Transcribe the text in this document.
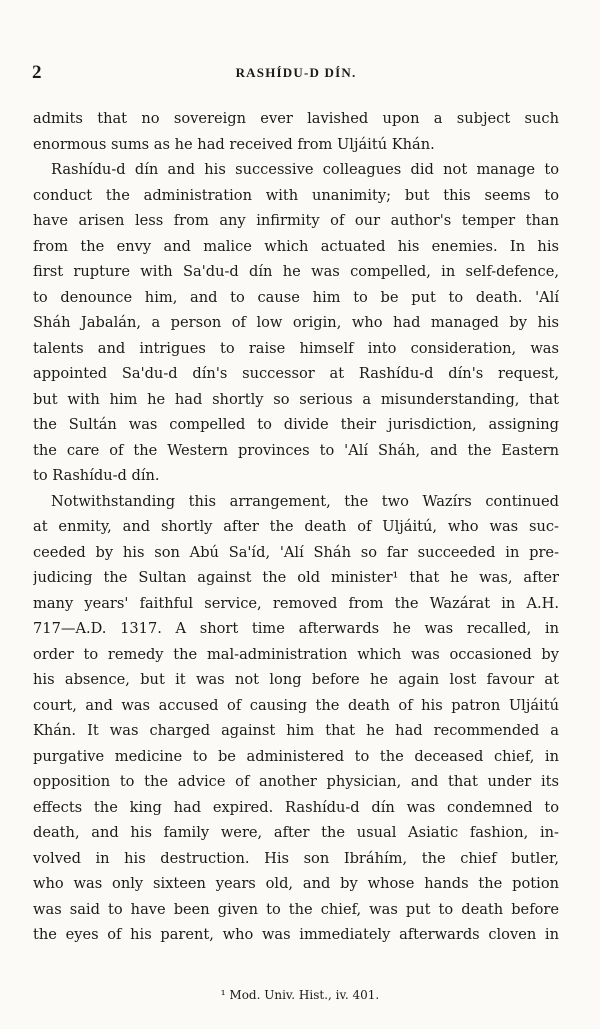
2	RASHÍDU-D DÍN.
admits that no sovereign ever lavished upon a subject such
enormous sums as he had received from Uljáitú Khán.
Rashídu-d dín and his successive colleagues did not manage to
conduct the administration with unanimity; but this seems to
have arisen less from any infirmity of our author's temper than
from the envy and malice which actuated his enemies. In his
first rupture with Sa'du-d dín he was compelled, in self-defence,
to denounce him, and to cause him to be put to death. 'Alí
Sháh Jabalán, a person of low origin, who had managed by his
talents and intrigues to raise himself into consideration, was
appointed Sa'du-d dín's successor at Rashídu-d dín's request,
but with him he had shortly so serious a misunderstanding, that
the Sultán was compelled to divide their jurisdiction, assigning
the care of the Western provinces to 'Alí Sháh, and the Eastern
to Rashídu-d dín.
Notwithstanding this arrangement, the two Wazírs continued
at enmity, and shortly after the death of Uljáitú, who was suc-
ceeded by his son Abú Sa'íd, 'Alí Sháh so far succeeded in pre-
judicing the Sultan against the old minister¹ that he was, after
many years' faithful service, removed from the Wazárat in A.H.
717—A.D. 1317. A short time afterwards he was recalled, in
order to remedy the mal-administration which was occasioned by
his absence, but it was not long before he again lost favour at
court, and was accused of causing the death of his patron Uljáitú
Khán. It was charged against him that he had recommended a
purgative medicine to be administered to the deceased chief, in
opposition to the advice of another physician, and that under its
effects the king had expired. Rashídu-d dín was condemned to
death, and his family were, after the usual Asiatic fashion, in-
volved in his destruction. His son Ibráhím, the chief butler,
who was only sixteen years old, and by whose hands the potion
was said to have been given to the chief, was put to death before
the eyes of his parent, who was immediately afterwards cloven in
¹ Mod. Univ. Hist., iv. 401.
